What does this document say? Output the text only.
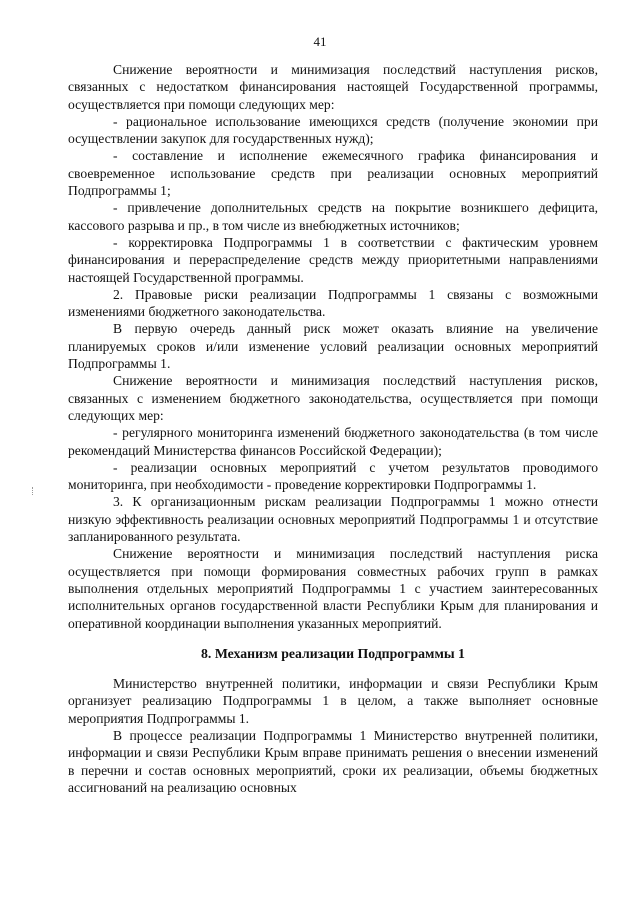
41

Снижение вероятности и минимизация последствий наступления рисков, связанных с недостатком финансирования настоящей Государственной программы, осуществляется при помощи следующих мер:

- рациональное использование имеющихся средств (получение экономии при осуществлении закупок для государственных нужд);

- составление и исполнение ежемесячного графика финансирования и своевременное использование средств при реализации основных мероприятий Подпрограммы 1;

- привлечение дополнительных средств на покрытие возникшего дефицита, кассового разрыва и пр., в том числе из внебюджетных источников;

- корректировка Подпрограммы 1 в соответствии с фактическим уровнем финансирования и перераспределение средств между приоритетными направлениями настоящей Государственной программы.

2. Правовые риски реализации Подпрограммы 1 связаны с возможными изменениями бюджетного законодательства.

В первую очередь данный риск может оказать влияние на увеличение планируемых сроков и/или изменение условий реализации основных мероприятий Подпрограммы 1.

Снижение вероятности и минимизация последствий наступления рисков, связанных с изменением бюджетного законодательства, осуществляется при помощи следующих мер:

- регулярного мониторинга изменений бюджетного законодательства (в том числе рекомендаций Министерства финансов Российской Федерации);

- реализации основных мероприятий с учетом результатов проводимого мониторинга, при необходимости - проведение корректировки Подпрограммы 1.

3. К организационным рискам реализации Подпрограммы 1 можно отнести низкую эффективность реализации основных мероприятий Подпрограммы 1 и отсутствие запланированного результата.

Снижение вероятности и минимизация последствий наступления риска осуществляется при помощи формирования совместных рабочих групп в рамках выполнения отдельных мероприятий Подпрограммы 1 с участием заинтересованных исполнительных органов государственной власти Республики Крым для планирования и оперативной координации выполнения указанных мероприятий.

8. Механизм реализации Подпрограммы 1

Министерство внутренней политики, информации и связи Республики Крым организует реализацию Подпрограммы 1 в целом, а также выполняет основные мероприятия Подпрограммы 1.

В процессе реализации Подпрограммы 1 Министерство внутренней политики, информации и связи Республики Крым вправе принимать решения о внесении изменений в перечни и состав основных мероприятий, сроки их реализации, объемы бюджетных ассигнований на реализацию основных
